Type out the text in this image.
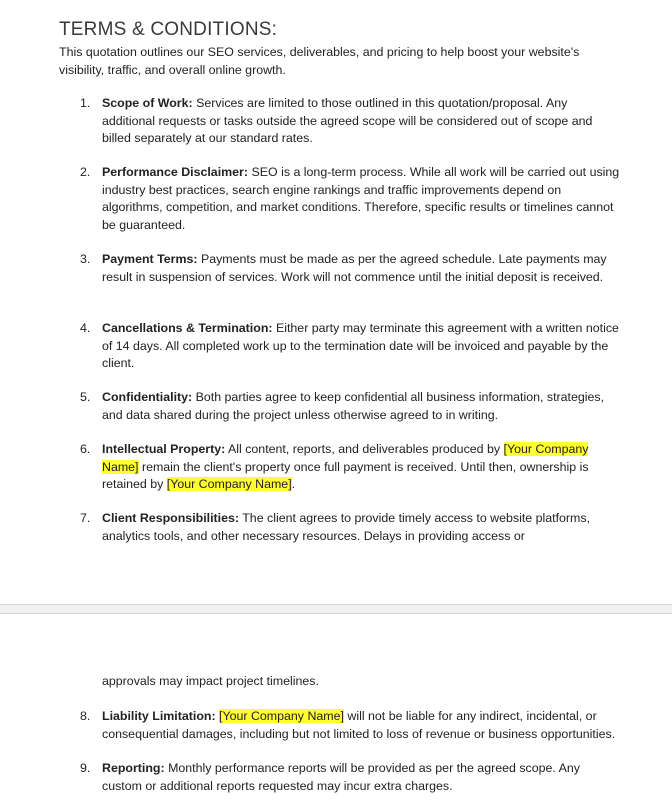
TERMS & CONDITIONS:

This quotation outlines our SEO services, deliverables, and pricing to help boost your website's visibility, traffic, and overall online growth.

1. Scope of Work: Services are limited to those outlined in this quotation/proposal. Any additional requests or tasks outside the agreed scope will be considered out of scope and billed separately at our standard rates.
2. Performance Disclaimer: SEO is a long-term process. While all work will be carried out using industry best practices, search engine rankings and traffic improvements depend on algorithms, competition, and market conditions. Therefore, specific results or timelines cannot be guaranteed.
3. Payment Terms: Payments must be made as per the agreed schedule. Late payments may result in suspension of services. Work will not commence until the initial deposit is received.
4. Cancellations & Termination: Either party may terminate this agreement with a written notice of 14 days. All completed work up to the termination date will be invoiced and payable by the client.
5. Confidentiality: Both parties agree to keep confidential all business information, strategies, and data shared during the project unless otherwise agreed to in writing.
6. Intellectual Property: All content, reports, and deliverables produced by [Your Company Name] remain the client's property once full payment is received. Until then, ownership is retained by [Your Company Name].
7. Client Responsibilities: The client agrees to provide timely access to website platforms, analytics tools, and other necessary resources. Delays in providing access or
approvals may impact project timelines.
8. Liability Limitation: [Your Company Name] will not be liable for any indirect, incidental, or consequential damages, including but not limited to loss of revenue or business opportunities.
9. Reporting: Monthly performance reports will be provided as per the agreed scope. Any custom or additional reports requested may incur extra charges.
